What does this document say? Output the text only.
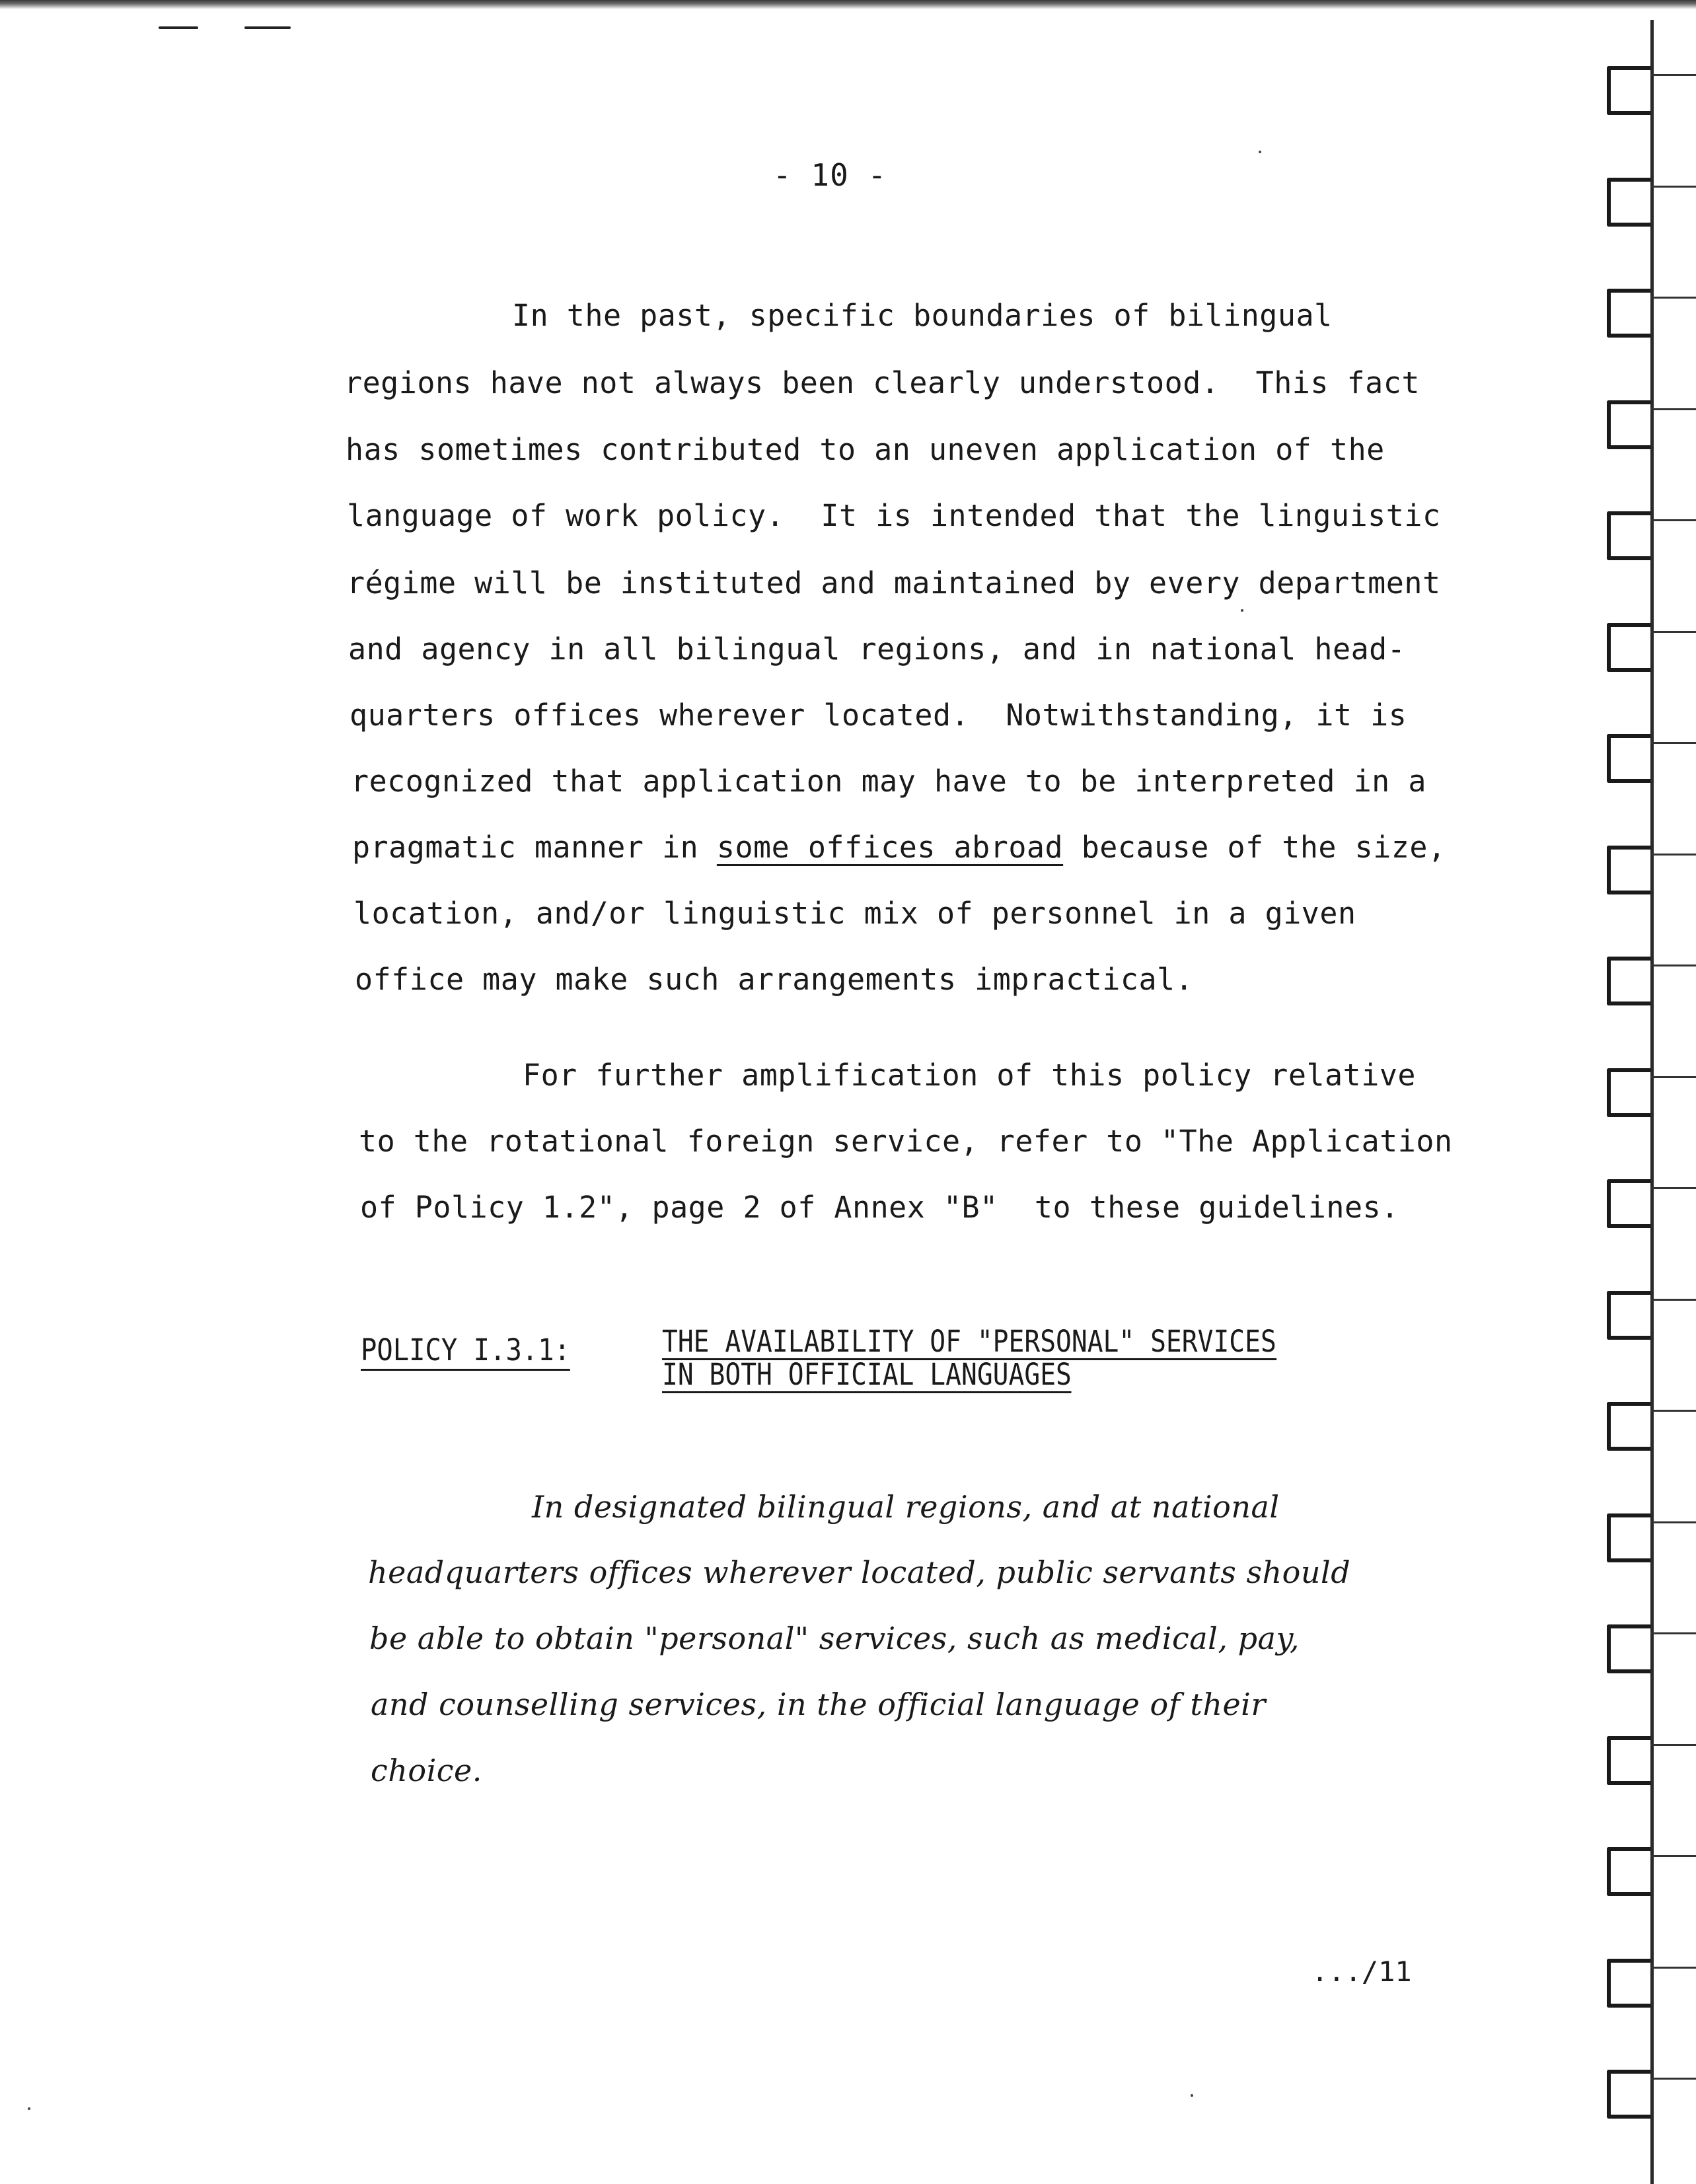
- 10 -
In the past, specific boundaries of bilingual
regions have not always been clearly understood.  This fact
has sometimes contributed to an uneven application of the
language of work policy.  It is intended that the linguistic
régime will be instituted and maintained by every department
and agency in all bilingual regions, and in national head-
quarters offices wherever located.  Notwithstanding, it is
recognized that application may have to be interpreted in a
pragmatic manner in some offices abroad because of the size,
location, and/or linguistic mix of personnel in a given
office may make such arrangements impractical.
For further amplification of this policy relative
to the rotational foreign service, refer to "The Application
of Policy 1.2", page 2 of Annex "B"  to these guidelines.
POLICY I.3.1:	THE AVAILABILITY OF "PERSONAL" SERVICES
IN BOTH OFFICIAL LANGUAGES
In designated bilingual regions, and at national
headquarters offices wherever located, public servants should
be able to obtain "personal" services, such as medical, pay,
and counselling services, in the official language of their
choice.
.../11
